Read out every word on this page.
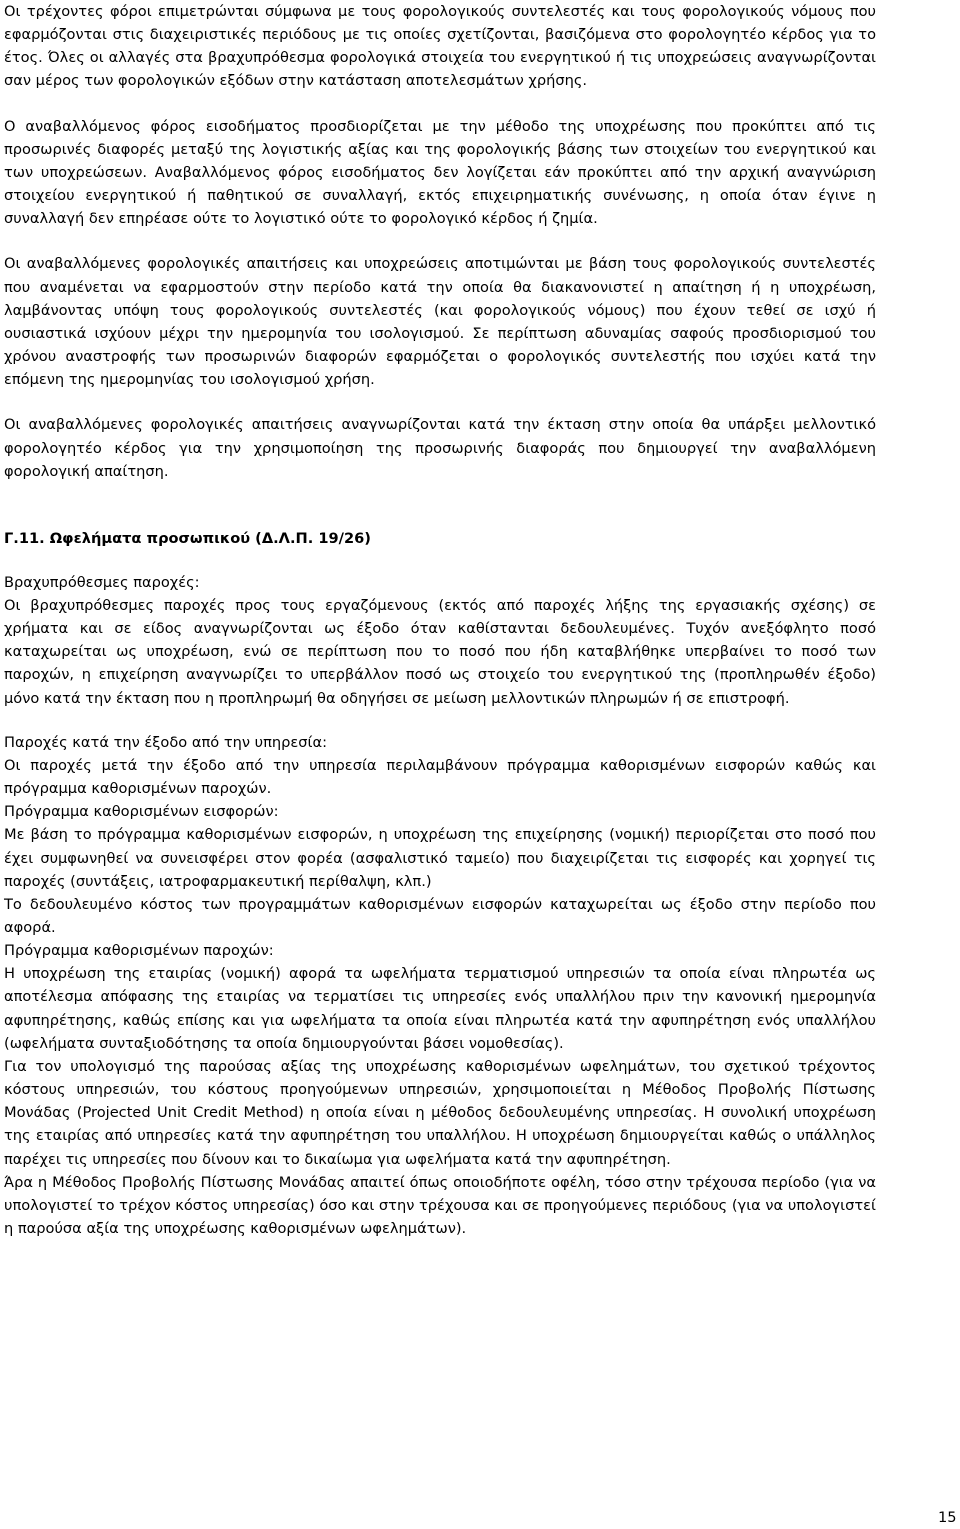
Οι τρέχοντες φόροι επιμετρώνται σύμφωνα με τους φορολογικούς συντελεστές και τους φορολογικούς νόμους που εφαρμόζονται στις διαχειριστικές περιόδους με τις οποίες σχετίζονται, βασιζόμενα στο φορολογητέο κέρδος για το έτος. Όλες οι αλλαγές στα βραχυπρόθεσμα φορολογικά στοιχεία του ενεργητικού ή τις υποχρεώσεις αναγνωρίζονται σαν μέρος των φορολογικών εξόδων στην κατάσταση αποτελεσμάτων χρήσης.

Ο αναβαλλόμενος φόρος εισοδήματος προσδιορίζεται με την μέθοδο της υποχρέωσης που προκύπτει από τις προσωρινές διαφορές μεταξύ της λογιστικής αξίας και της φορολογικής βάσης των στοιχείων του ενεργητικού και των υποχρεώσεων. Αναβαλλόμενος φόρος εισοδήματος δεν λογίζεται εάν προκύπτει από την αρχική αναγνώριση στοιχείου ενεργητικού ή παθητικού σε συναλλαγή, εκτός επιχειρηματικής συνένωσης, η οποία όταν έγινε η συναλλαγή δεν επηρέασε ούτε το λογιστικό ούτε το φορολογικό κέρδος ή ζημία.

Οι αναβαλλόμενες φορολογικές απαιτήσεις και υποχρεώσεις αποτιμώνται με βάση τους φορολογικούς συντελεστές που αναμένεται να εφαρμοστούν στην περίοδο κατά την οποία θα διακανονιστεί η απαίτηση ή η υποχρέωση, λαμβάνοντας υπόψη τους φορολογικούς συντελεστές (και φορολογικούς νόμους) που έχουν τεθεί σε ισχύ ή ουσιαστικά ισχύουν μέχρι την ημερομηνία του ισολογισμού. Σε περίπτωση αδυναμίας σαφούς προσδιορισμού του χρόνου αναστροφής των προσωρινών διαφορών εφαρμόζεται ο φορολογικός συντελεστής που ισχύει κατά την επόμενη της ημερομηνίας του ισολογισμού χρήση.

Οι αναβαλλόμενες φορολογικές απαιτήσεις αναγνωρίζονται κατά την έκταση στην οποία θα υπάρξει μελλοντικό φορολογητέο κέρδος για την χρησιμοποίηση της προσωρινής διαφοράς που δημιουργεί την αναβαλλόμενη φορολογική απαίτηση.

Γ.11. Ωφελήματα προσωπικού (Δ.Λ.Π. 19/26)

Βραχυπρόθεσμες παροχές:

Οι βραχυπρόθεσμες παροχές προς τους εργαζόμενους (εκτός από παροχές λήξης της εργασιακής σχέσης) σε χρήματα και σε είδος αναγνωρίζονται ως έξοδο όταν καθίστανται δεδουλευμένες. Τυχόν ανεξόφλητο ποσό καταχωρείται ως υποχρέωση, ενώ σε περίπτωση που το ποσό που ήδη καταβλήθηκε υπερβαίνει το ποσό των παροχών, η επιχείρηση αναγνωρίζει το υπερβάλλον ποσό ως στοιχείο του ενεργητικού της (προπληρωθέν έξοδο) μόνο κατά την έκταση που η προπληρωμή θα οδηγήσει σε μείωση μελλοντικών πληρωμών ή σε επιστροφή.

Παροχές κατά την έξοδο από την υπηρεσία:

Οι παροχές μετά την έξοδο από την υπηρεσία περιλαμβάνουν πρόγραμμα καθορισμένων εισφορών καθώς και πρόγραμμα καθορισμένων παροχών.

Πρόγραμμα καθορισμένων εισφορών:

Με βάση το πρόγραμμα καθορισμένων εισφορών, η υποχρέωση της επιχείρησης (νομική) περιορίζεται στο ποσό που έχει συμφωνηθεί να συνεισφέρει στον φορέα (ασφαλιστικό ταμείο) που διαχειρίζεται τις εισφορές και χορηγεί τις παροχές (συντάξεις, ιατροφαρμακευτική περίθαλψη, κλπ.)

Το δεδουλευμένο κόστος των προγραμμάτων καθορισμένων εισφορών καταχωρείται ως έξοδο στην περίοδο που αφορά.

Πρόγραμμα καθορισμένων παροχών:

Η υποχρέωση της εταιρίας (νομική) αφορά τα ωφελήματα τερματισμού υπηρεσιών τα οποία είναι πληρωτέα ως αποτέλεσμα απόφασης της εταιρίας να τερματίσει τις υπηρεσίες ενός υπαλλήλου πριν την κανονική ημερομηνία αφυπηρέτησης, καθώς επίσης και για ωφελήματα τα οποία είναι πληρωτέα κατά την αφυπηρέτηση ενός υπαλλήλου (ωφελήματα συνταξιοδότησης τα οποία δημιουργούνται βάσει νομοθεσίας).

Για τον υπολογισμό της παρούσας αξίας της υποχρέωσης καθορισμένων ωφελημάτων, του σχετικού τρέχοντος κόστους υπηρεσιών, του κόστους προηγούμενων υπηρεσιών, χρησιμοποιείται η Μέθοδος Προβολής Πίστωσης Μονάδας (Projected Unit Credit Method) η οποία είναι η μέθοδος δεδουλευμένης υπηρεσίας. Η συνολική υποχρέωση της εταιρίας από υπηρεσίες κατά την αφυπηρέτηση του υπαλλήλου. Η υποχρέωση δημιουργείται καθώς ο υπάλληλος παρέχει τις υπηρεσίες που δίνουν και το δικαίωμα για ωφελήματα κατά την αφυπηρέτηση.

Άρα η Μέθοδος Προβολής Πίστωσης Μονάδας απαιτεί όπως οποιοδήποτε οφέλη, τόσο στην τρέχουσα περίοδο (για να υπολογιστεί το τρέχον κόστος υπηρεσίας) όσο και στην τρέχουσα και σε προηγούμενες περιόδους (για να υπολογιστεί η παρούσα αξία της υποχρέωσης καθορισμένων ωφελημάτων).

15
